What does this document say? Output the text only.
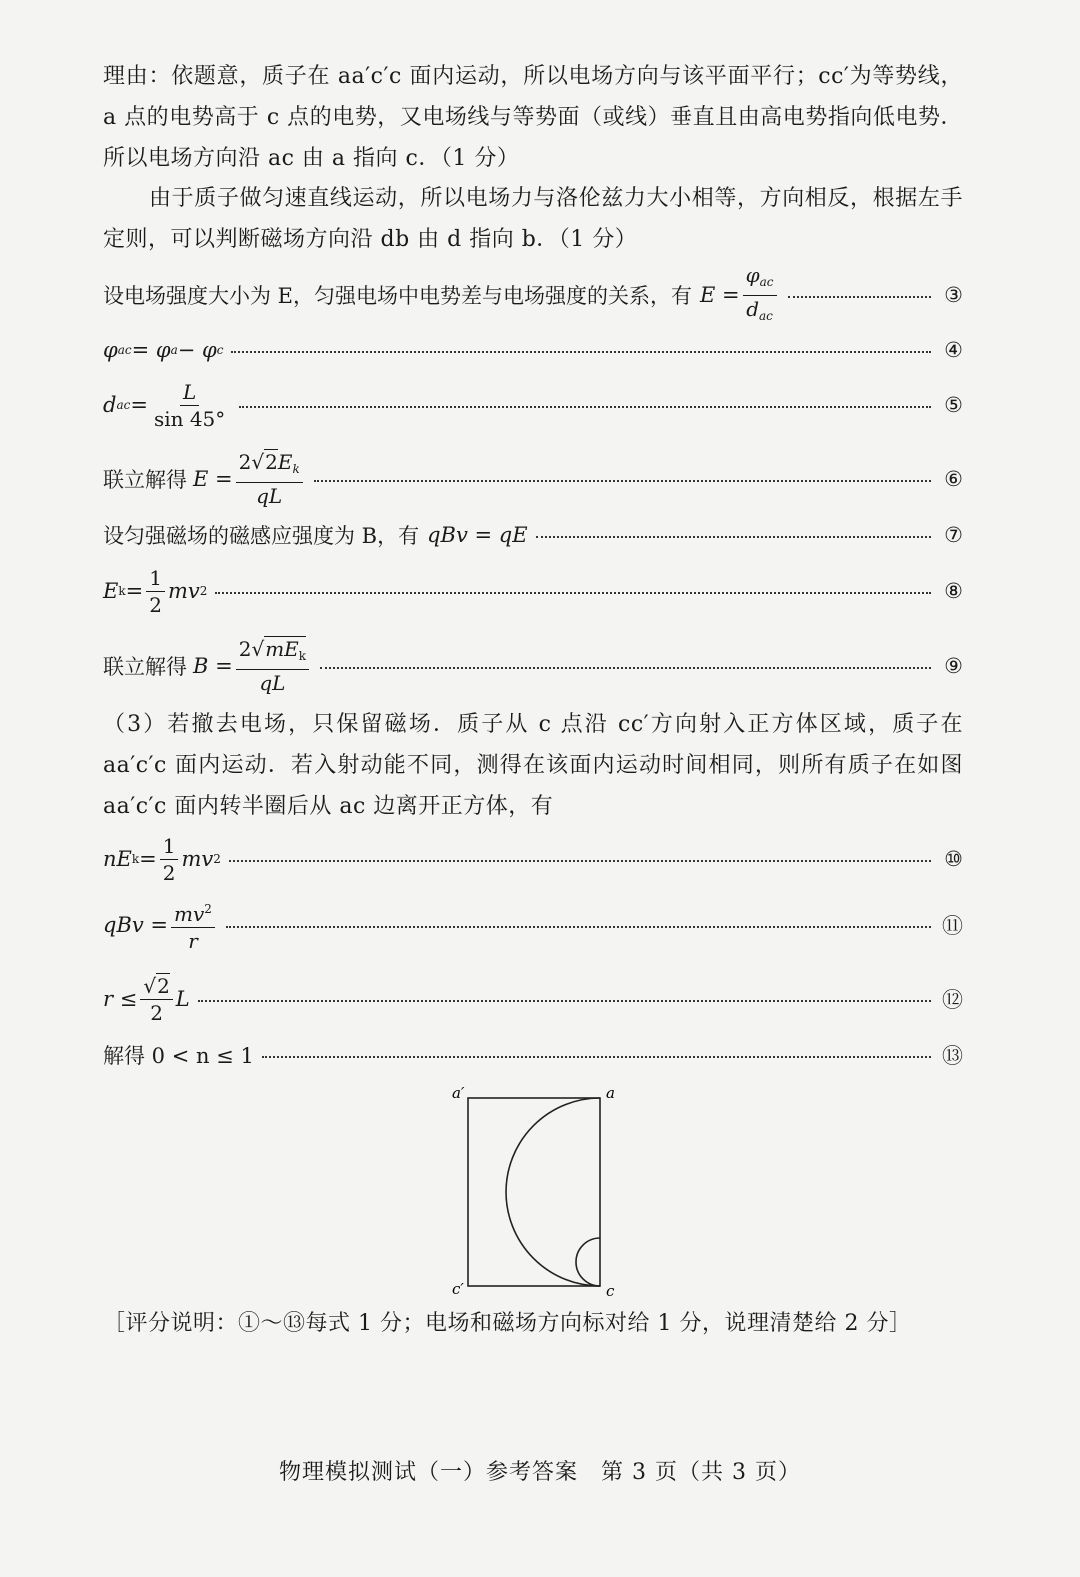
理由：依题意，质子在 aa′c′c 面内运动，所以电场方向与该平面平行；cc′为等势线，a 点的电势高于 c 点的电势，又电场线与等势面（或线）垂直且由高电势指向低电势．所以电场方向沿 ac 由 a 指向 c．（1 分）
由于质子做匀速直线运动，所以电场力与洛伦兹力大小相等，方向相反，根据左手定则，可以判断磁场方向沿 db 由 d 指向 b．（1 分）
设电场强度大小为 E，匀强电场中电势差与电场强度的关系，有 $E = \frac{\varphi_{ac}}{d_{ac}}$	③
φ ac = φ a − φ c	④
d ac = $\frac{L}{\sin 45^\circ}$	⑤
联立解得 $E = \frac{2√2E_k}{qL}$	⑥
设匀强磁场的磁感应强度为 B，有 qBv = qE	⑦
E $k = \frac{1}{2}$ mv 2	⑧
联立解得 $B = \frac{2√mE_k}{qL}$	⑨
（3）若撤去电场，只保留磁场．质子从 c 点沿 cc′方向射入正方体区域，质子在 aa′c′c 面内运动．若入射动能不同，测得在该面内运动时间相同，则所有质子在如图 aa′c′c 面内转半圈后从 ac 边离开正方体，有
nE $k = \frac{1}{2}$ mv 2	⑩
qBv = $\frac{mv^2}{r}$	⑪
$r \le \frac{√2}{2}$ L	⑫
解得 0 < n ≤ 1	⑬
a′	a
c′	c
［评分说明：①～⑬每式 1 分；电场和磁场方向标对给 1 分，说理清楚给 2 分］
物理模拟测试（一）参考答案　第 3 页（共 3 页）
